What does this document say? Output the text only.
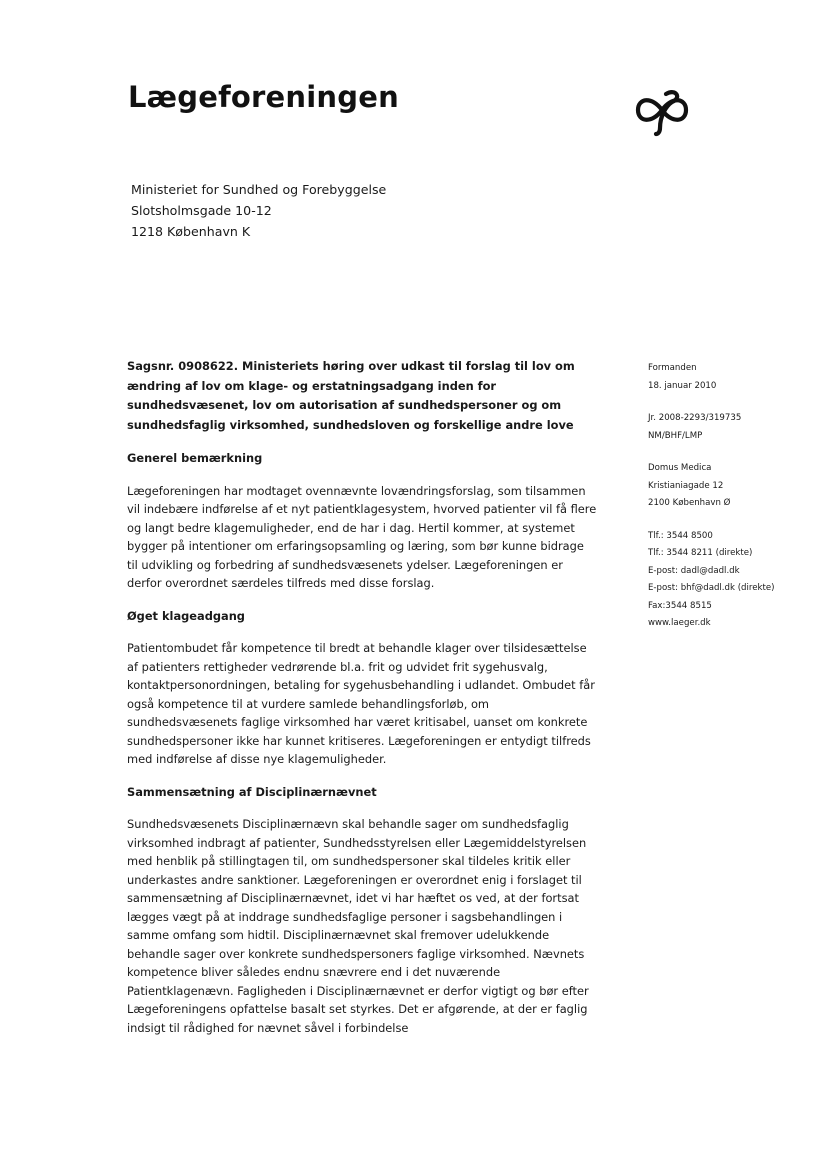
Lægeforeningen
Ministeriet for Sundhed og Forebyggelse
Slotsholmsgade 10-12
1218 København K

Sagsnr. 0908622. Ministeriets høring over udkast til forslag til lov om ændring af lov om klage- og erstatningsadgang inden for sundhedsvæsenet, lov om autorisation af sundhedspersoner og om sundhedsfaglig virksomhed, sundhedsloven og forskellige andre love

Generel bemærkning

Lægeforeningen har modtaget ovennævnte lovændringsforslag, som tilsammen vil indebære indførelse af et nyt patientklagesystem, hvorved patienter vil få flere og langt bedre klagemuligheder, end de har i dag. Hertil kommer, at systemet bygger på intentioner om erfaringsopsamling og læring, som bør kunne bidrage til udvikling og forbedring af sundhedsvæsenets ydelser. Lægeforeningen er derfor overordnet særdeles tilfreds med disse forslag.

Øget klageadgang

Patientombudet får kompetence til bredt at behandle klager over tilsidesættelse af patienters rettigheder vedrørende bl.a. frit og udvidet frit sygehusvalg, kontaktpersonordningen, betaling for sygehusbehandling i udlandet. Ombudet får også kompetence til at vurdere samlede behandlingsforløb, om sundhedsvæsenets faglige virksomhed har været kritisabel, uanset om konkrete sundhedspersoner ikke har kunnet kritiseres. Lægeforeningen er entydigt tilfreds med indførelse af disse nye klagemuligheder.

Sammensætning af Disciplinærnævnet

Sundhedsvæsenets Disciplinærnævn skal behandle sager om sundhedsfaglig virksomhed indbragt af patienter, Sundhedsstyrelsen eller Lægemiddelstyrelsen med henblik på stillingtagen til, om sundhedspersoner skal tildeles kritik eller underkastes andre sanktioner. Lægeforeningen er overordnet enig i forslaget til sammensætning af Disciplinærnævnet, idet vi har hæftet os ved, at der fortsat lægges vægt på at inddrage sundhedsfaglige personer i sagsbehandlingen i samme omfang som hidtil. Disciplinærnævnet skal fremover udelukkende behandle sager over konkrete sundhedspersoners faglige virksomhed. Nævnets kompetence bliver således endnu snævrere end i det nuværende Patientklagenævn. Fagligheden i Disciplinærnævnet er derfor vigtigt og bør efter Lægeforeningens opfattelse basalt set styrkes. Det er afgørende, at der er faglig indsigt til rådighed for nævnet såvel i forbindelse

Formanden
18. januar 2010
Jr. 2008-2293/319735
NM/BHF/LMP
Domus Medica
Kristianiagade 12
2100 København Ø
Tlf.: 3544 8500
Tlf.: 3544 8211 (direkte)
E-post: dadl@dadl.dk
E-post: bhf@dadl.dk (direkte)
Fax:3544 8515
www.laeger.dk
